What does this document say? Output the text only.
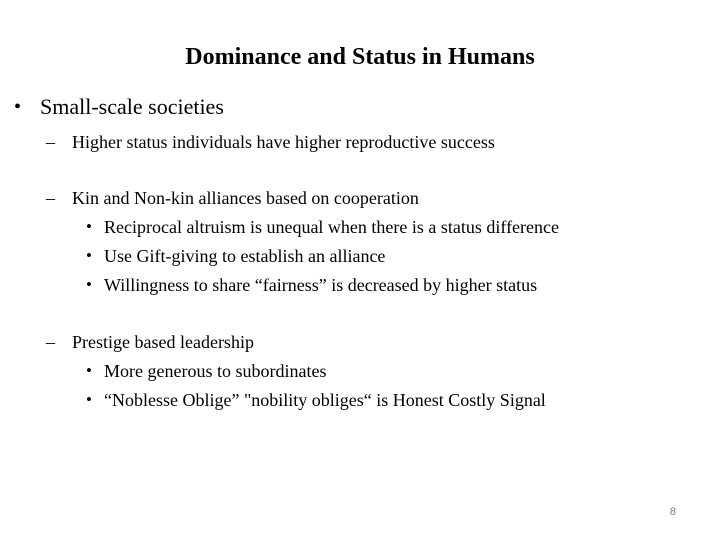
Dominance and Status in Humans
• Small-scale societies
– Higher status individuals have higher reproductive success
– Kin and Non-kin alliances based on cooperation
• Reciprocal altruism is unequal when there is a status difference
• Use Gift-giving to establish an alliance
• Willingness to share “fairness” is decreased by higher status
– Prestige based leadership
• More generous to subordinates
• “Noblesse Oblige” "nobility obliges“ is Honest Costly Signal
8
